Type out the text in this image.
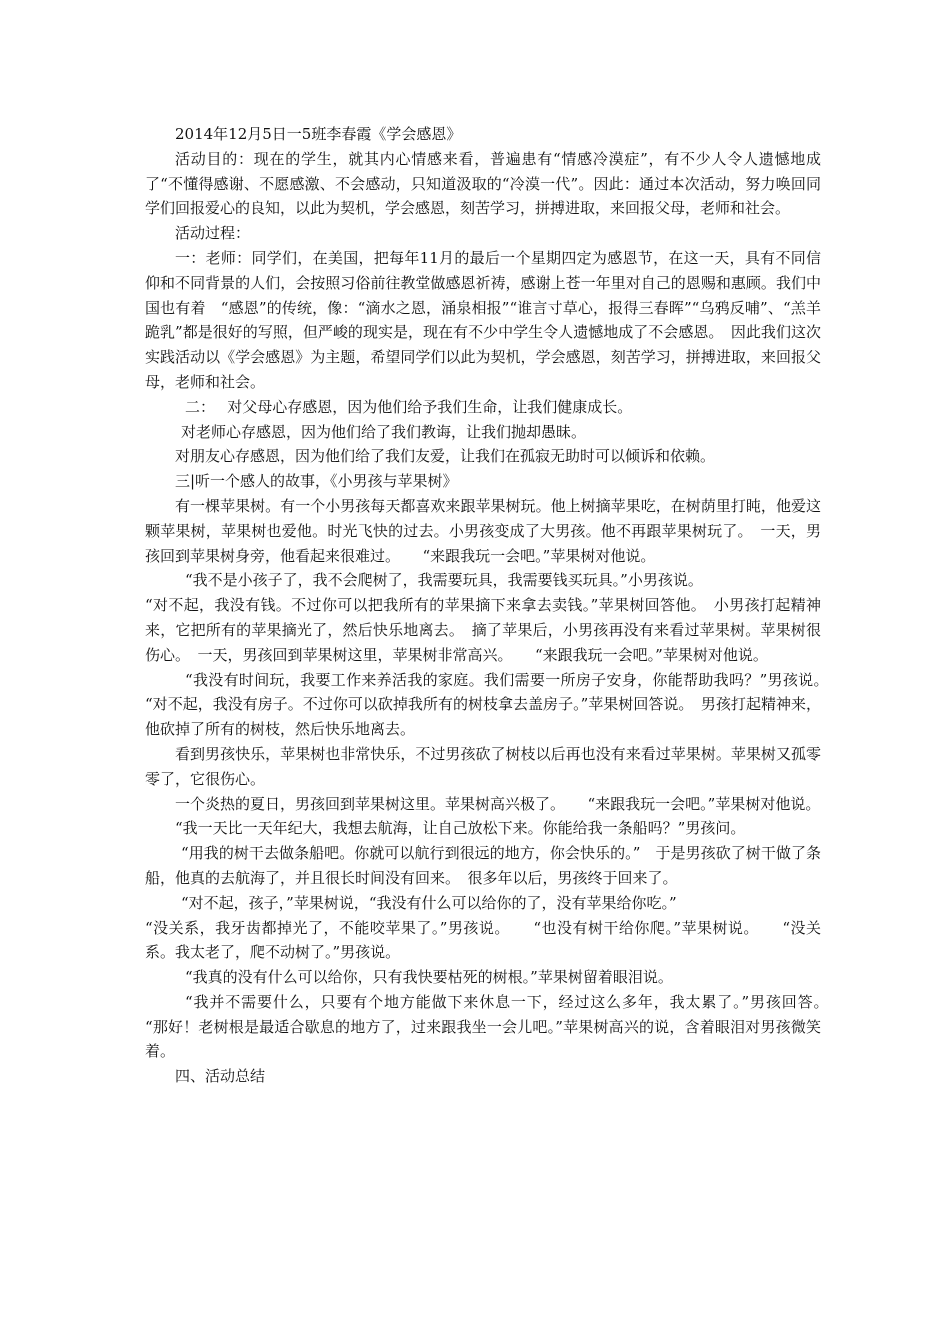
2014年12月5日一5班李春霞《学会感恩》

活动目的：现在的学生，就其内心情感来看，普遍患有“情感冷漠症”，有不少人令人遗憾地成了“不懂得感谢、不愿感激、不会感动，只知道汲取的“冷漠一代”。因此：通过本次活动，努力唤回同学们回报爱心的良知，以此为契机，学会感恩，刻苦学习，拼搏进取，来回报父母，老师和社会。

活动过程：

一：老师：同学们，在美国，把每年11月的最后一个星期四定为感恩节，在这一天，具有不同信仰和不同背景的人们，会按照习俗前往教堂做感恩祈祷，感谢上苍一年里对自己的恩赐和惠顾。我们中国也有着　“感恩”的传统，像：“滴水之恩，涌泉相报”“谁言寸草心，报得三春晖”“乌鸦反哺”、“羔羊跪乳”都是很好的写照，但严峻的现实是，现在有不少中学生令人遗憾地成了不会感恩。　因此我们这次实践活动以《学会感恩》为主题，希望同学们以此为契机，学会感恩，刻苦学习，拼搏进取，来回报父母，老师和社会。

二：　 对父母心存感恩，因为他们给予我们生命，让我们健康成长。

对老师心存感恩，因为他们给了我们教诲，让我们抛却愚昧。

对朋友心存感恩，因为他们给了我们友爱，让我们在孤寂无助时可以倾诉和依赖。

三|听一个感人的故事，《小男孩与苹果树》

有一棵苹果树。有一个小男孩每天都喜欢来跟苹果树玩。他上树摘苹果吃，在树荫里打盹，他爱这颗苹果树，苹果树也爱他。时光飞快的过去。小男孩变成了大男孩。他不再跟苹果树玩了。　一天，男孩回到苹果树身旁，他看起来很难过。　　“来跟我玩一会吧。”苹果树对他说。

“我不是小孩子了，我不会爬树了，我需要玩具，我需要钱买玩具。”小男孩说。

“对不起，我没有钱。不过你可以把我所有的苹果摘下来拿去卖钱。”苹果树回答他。　小男孩打起精神来，它把所有的苹果摘光了，然后快乐地离去。　摘了苹果后，小男孩再没有来看过苹果树。苹果树很伤心。　一天，男孩回到苹果树这里，苹果树非常高兴。　　“来跟我玩一会吧。”苹果树对他说。

“我没有时间玩，我要工作来养活我的家庭。我们需要一所房子安身，你能帮助我吗？”男孩说。　　“对不起，我没有房子。不过你可以砍掉我所有的树枝拿去盖房子。”苹果树回答说。　男孩打起精神来，他砍掉了所有的树枝，然后快乐地离去。

看到男孩快乐，苹果树也非常快乐，不过男孩砍了树枝以后再也没有来看过苹果树。苹果树又孤零零了，它很伤心。

一个炎热的夏日，男孩回到苹果树这里。苹果树高兴极了。　　“来跟我玩一会吧。”苹果树对他说。

“我一天比一天年纪大，我想去航海，让自己放松下来。你能给我一条船吗？”男孩问。

“用我的树干去做条船吧。你就可以航行到很远的地方，你会快乐的。”　于是男孩砍了树干做了条船，他真的去航海了，并且很长时间没有回来。　很多年以后，男孩终于回来了。

“对不起，孩子，”苹果树说，“我没有什么可以给你的了，没有苹果给你吃。”

“没关系，我牙齿都掉光了，不能咬苹果了。”男孩说。　　“也没有树干给你爬。”苹果树说。　　“没关系。我太老了，爬不动树了。”男孩说。

“我真的没有什么可以给你，只有我快要枯死的树根。”苹果树留着眼泪说。

“我并不需要什么，只要有个地方能做下来休息一下，经过这么多年，我太累了。”男孩回答。　“那好！老树根是最适合歇息的地方了，过来跟我坐一会儿吧。”苹果树高兴的说，含着眼泪对男孩微笑着。

四、活动总结
